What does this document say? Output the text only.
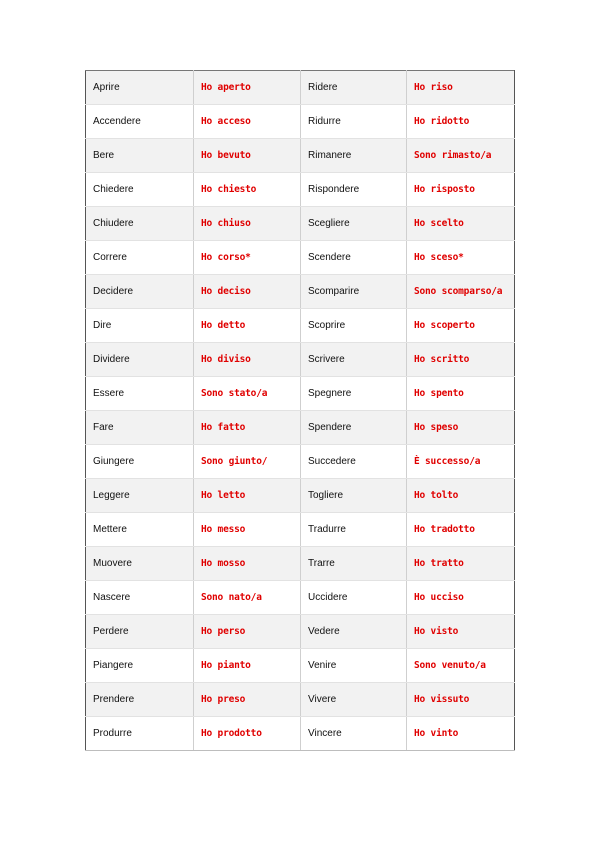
Aprire	Ho aperto	Ridere	Ho riso
Accendere	Ho acceso	Ridurre	Ho ridotto
Bere	Ho bevuto	Rimanere	Sono rimasto/a
Chiedere	Ho chiesto	Rispondere	Ho risposto
Chiudere	Ho chiuso	Scegliere	Ho scelto
Correre	Ho corso*	Scendere	Ho sceso*
Decidere	Ho deciso	Scomparire	Sono scomparso/a
Dire	Ho detto	Scoprire	Ho scoperto
Dividere	Ho diviso	Scrivere	Ho scritto
Essere	Sono stato/a	Spegnere	Ho spento
Fare	Ho fatto	Spendere	Ho speso
Giungere	Sono giunto/	Succedere	È successo/a
Leggere	Ho letto	Togliere	Ho tolto
Mettere	Ho messo	Tradurre	Ho tradotto
Muovere	Ho mosso	Trarre	Ho tratto
Nascere	Sono nato/a	Uccidere	Ho ucciso
Perdere	Ho perso	Vedere	Ho visto
Piangere	Ho pianto	Venire	Sono venuto/a
Prendere	Ho preso	Vivere	Ho vissuto
Produrre	Ho prodotto	Vincere	Ho vinto
